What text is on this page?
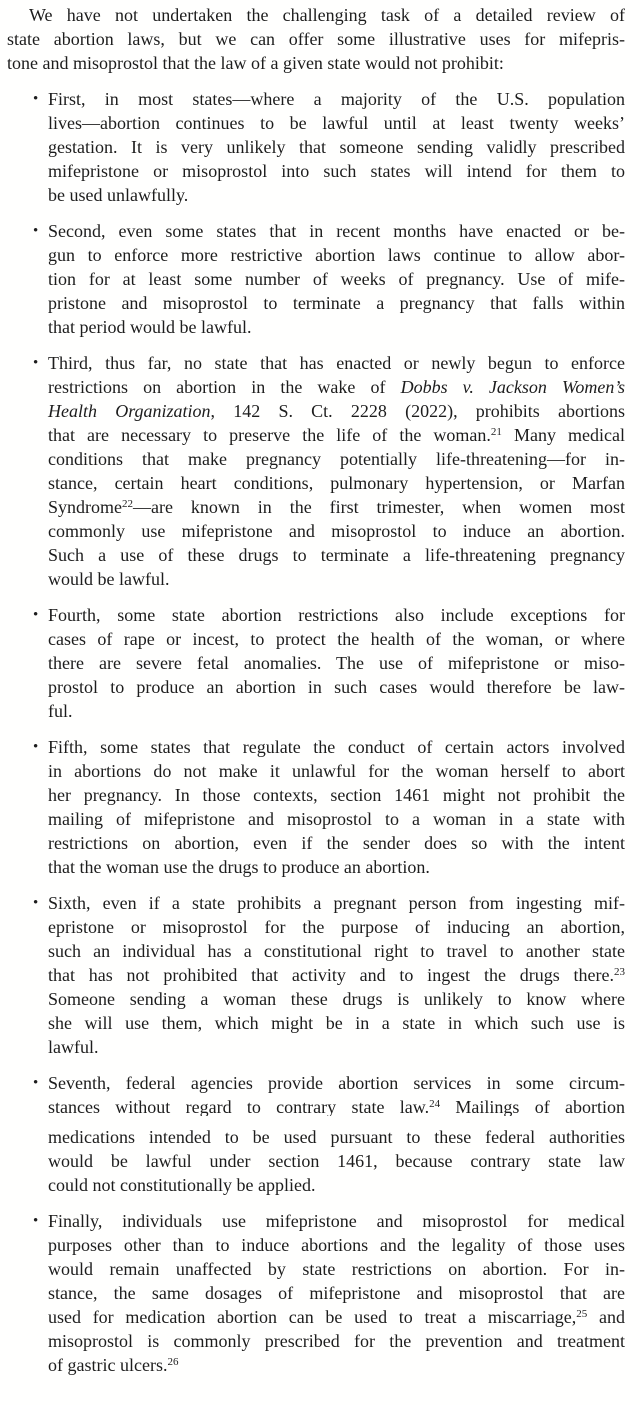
We have not undertaken the challenging task of a detailed review of
state abortion laws, but we can offer some illustrative uses for mifepris-
tone and misoprostol that the law of a given state would not prohibit:
• First, in most states—where a majority of the U.S. population
lives—abortion continues to be lawful until at least twenty weeks’
gestation. It is very unlikely that someone sending validly prescribed
mifepristone or misoprostol into such states will intend for them to
be used unlawfully.
• Second, even some states that in recent months have enacted or be-
gun to enforce more restrictive abortion laws continue to allow abor-
tion for at least some number of weeks of pregnancy. Use of mife-
pristone and misoprostol to terminate a pregnancy that falls within
that period would be lawful.
• Third, thus far, no state that has enacted or newly begun to enforce
restrictions on abortion in the wake of Dobbs v. Jackson Women’s
Health Organization, 142 S. Ct. 2228 (2022), prohibits abortions
that are necessary to preserve the life of the woman.$^{21}$ Many medical
conditions that make pregnancy potentially life-threatening—for in-
stance, certain heart conditions, pulmonary hypertension, or Marfan
Syndrome$^{22}$—are known in the first trimester, when women most
commonly use mifepristone and misoprostol to induce an abortion.
Such a use of these drugs to terminate a life-threatening pregnancy
would be lawful.
• Fourth, some state abortion restrictions also include exceptions for
cases of rape or incest, to protect the health of the woman, or where
there are severe fetal anomalies. The use of mifepristone or miso-
prostol to produce an abortion in such cases would therefore be law-
ful.
• Fifth, some states that regulate the conduct of certain actors involved
in abortions do not make it unlawful for the woman herself to abort
her pregnancy. In those contexts, section 1461 might not prohibit the
mailing of mifepristone and misoprostol to a woman in a state with
restrictions on abortion, even if the sender does so with the intent
that the woman use the drugs to produce an abortion.
• Sixth, even if a state prohibits a pregnant person from ingesting mif-
epristone or misoprostol for the purpose of inducing an abortion,
such an individual has a constitutional right to travel to another state
that has not prohibited that activity and to ingest the drugs there.$^{23}$
Someone sending a woman these drugs is unlikely to know where
she will use them, which might be in a state in which such use is
lawful.
• Seventh, federal agencies provide abortion services in some circum-
stances without regard to contrary state law.$^{24}$ Mailings of abortion
medications intended to be used pursuant to these federal authorities
would be lawful under section 1461, because contrary state law
could not constitutionally be applied.
• Finally, individuals use mifepristone and misoprostol for medical
purposes other than to induce abortions and the legality of those uses
would remain unaffected by state restrictions on abortion. For in-
stance, the same dosages of mifepristone and misoprostol that are
used for medication abortion can be used to treat a miscarriage,$^{25}$ and
misoprostol is commonly prescribed for the prevention and treatment
of gastric ulcers.$^{26}$
